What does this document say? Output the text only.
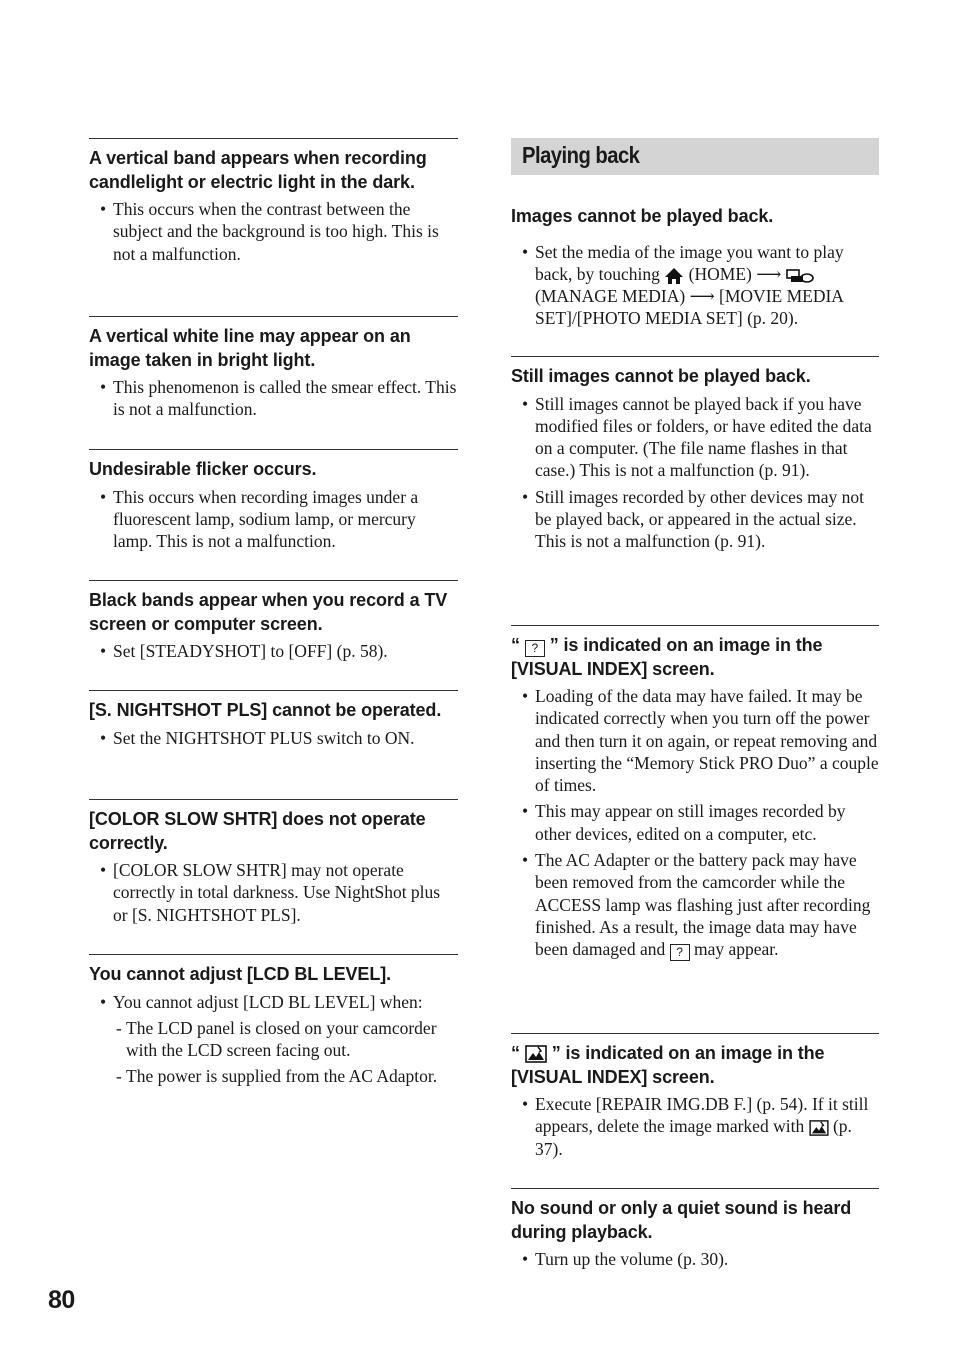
A vertical band appears when recording candlelight or electric light in the dark.
• This occurs when the contrast between the subject and the background is too high. This is not a malfunction.
A vertical white line may appear on an image taken in bright light.
• This phenomenon is called the smear effect. This is not a malfunction.
Undesirable flicker occurs.
• This occurs when recording images under a fluorescent lamp, sodium lamp, or mercury lamp. This is not a malfunction.
Black bands appear when you record a TV screen or computer screen.
• Set [STEADYSHOT] to [OFF] (p. 58).
[S. NIGHTSHOT PLS] cannot be operated.
• Set the NIGHTSHOT PLUS switch to ON.
[COLOR SLOW SHTR] does not operate correctly.
• [COLOR SLOW SHTR] may not operate correctly in total darkness. Use NightShot plus or [S. NIGHTSHOT PLS].
You cannot adjust [LCD BL LEVEL].
• You cannot adjust [LCD BL LEVEL] when:
- The LCD panel is closed on your camcorder with the LCD screen facing out.
- The power is supplied from the AC Adaptor.
Playing back
Images cannot be played back.
• Set the media of the image you want to play back, by touching (HOME) ⟶  (MANAGE MEDIA) ⟶ [MOVIE MEDIA SET]/[PHOTO MEDIA SET] (p. 20).
Still images cannot be played back.
• Still images cannot be played back if you have modified files or folders, or have edited the data on a computer. (The file name flashes in that case.) This is not a malfunction (p. 91).
• Still images recorded by other devices may not be played back, or appeared in the actual size. This is not a malfunction (p. 91).
“ ? ” is indicated on an image in the [VISUAL INDEX] screen.
• Loading of the data may have failed. It may be indicated correctly when you turn off the power and then turn it on again, or repeat removing and inserting the “Memory Stick PRO Duo” a couple of times.
• This may appear on still images recorded by other devices, edited on a computer, etc.
• The AC Adapter or the battery pack may have been removed from the camcorder while the ACCESS lamp was flashing just after recording finished. As a result, the image data may have been damaged and ? may appear.
“ ” is indicated on an image in the [VISUAL INDEX] screen.
• Execute [REPAIR IMG.DB F.] (p. 54). If it still appears, delete the image marked with (p. 37).
No sound or only a quiet sound is heard during playback.
• Turn up the volume (p. 30).
80
